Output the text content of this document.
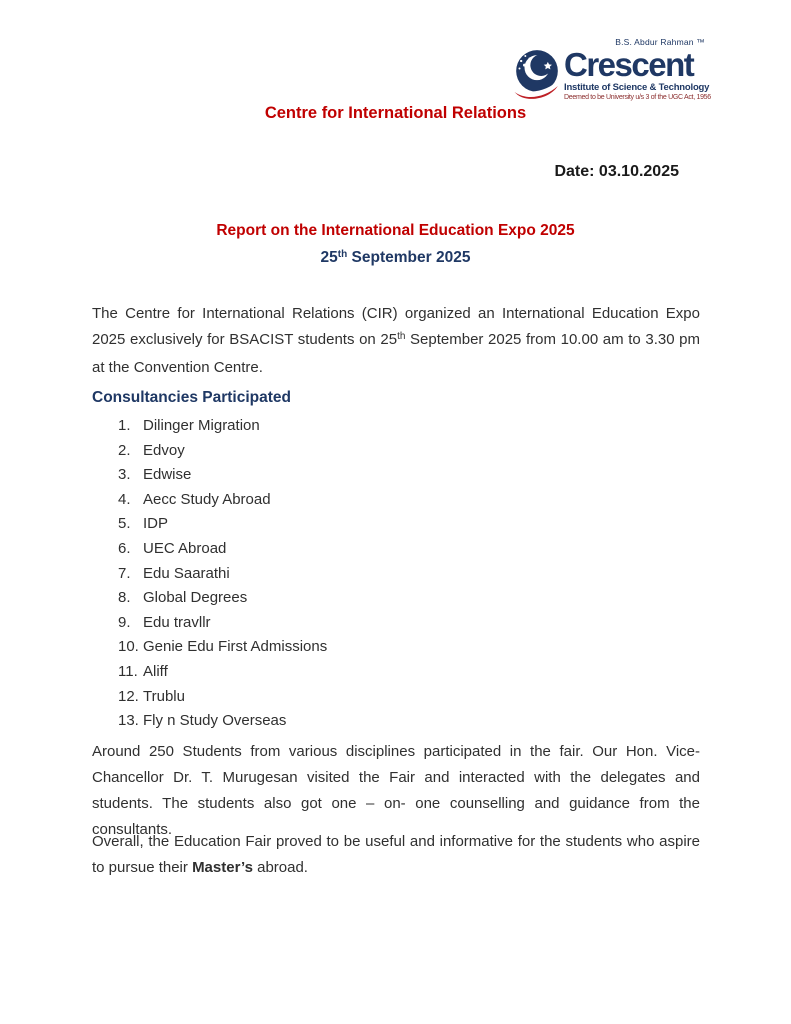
B.S. Abdur Rahman ™
Crescent
Institute of Science & Technology
Deemed to be University u/s 3 of the UGC Act, 1956
Centre for International Relations
Date: 03.10.2025
Report on the International Education Expo 2025
25th September 2025

The Centre for International Relations (CIR) organized an International Education Expo 2025 exclusively for BSACIST students on 25th September 2025 from 10.00 am to 3.30 pm at the Convention Centre.

Consultancies Participated
1. Dilinger Migration
2. Edvoy
3. Edwise
4. Aecc Study Abroad
5. IDP
6. UEC Abroad
7. Edu Saarathi
8. Global Degrees
9. Edu travllr
10. Genie Edu First Admissions
11. Aliff
12. Trublu
13. Fly n Study Overseas

Around 250 Students from various disciplines participated in the fair. Our Hon. Vice-Chancellor Dr. T. Murugesan visited the Fair and interacted with the delegates and students. The students also got one – on- one counselling and guidance from the consultants.

Overall, the Education Fair proved to be useful and informative for the students who aspire to pursue their Master’s abroad.
